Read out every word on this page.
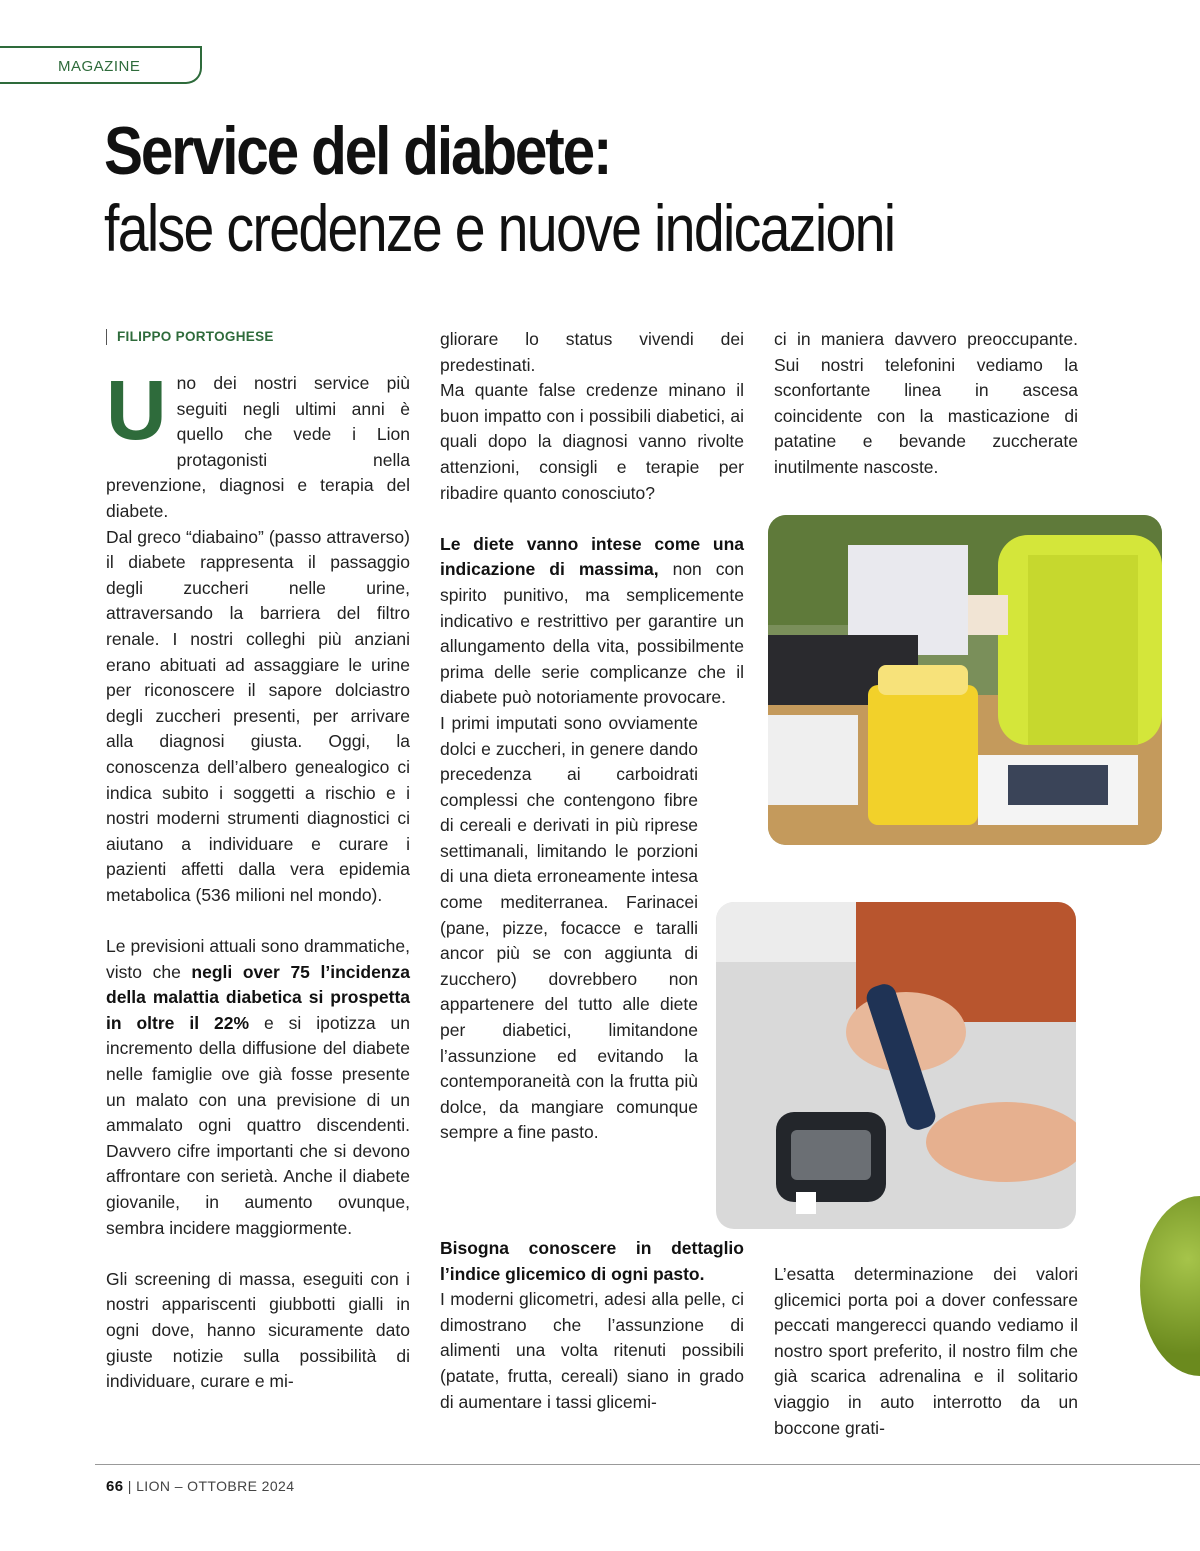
MAGAZINE
Service del diabete:
false credenze e nuove indicazioni

FILIPPO PORTOGHESE

Uno dei nostri service più seguiti negli ultimi anni è quello che vede i Lion protagonisti nella prevenzione, diagnosi e terapia del diabete.

Dal greco “diabaino” (passo attraverso) il diabete rappresenta il passaggio degli zuccheri nelle urine, attraversando la barriera del filtro renale. I nostri colleghi più anziani erano abituati ad assaggiare le urine per riconoscere il sapore dolciastro degli zuccheri presenti, per arrivare alla diagnosi giusta. Oggi, la conoscenza dell’albero genealogico ci indica subito i soggetti a rischio e i nostri moderni strumenti diagnostici ci aiutano a individuare e curare i pazienti affetti dalla vera epidemia metabolica (536 milioni nel mondo).

Le previsioni attuali sono drammatiche, visto che negli over 75 l’incidenza della malattia diabetica si prospetta in oltre il 22% e si ipotizza un incremento della diffusione del diabete nelle famiglie ove già fosse presente un malato con una previsione di un ammalato ogni quattro discendenti. Davvero cifre importanti che si devono affrontare con serietà. Anche il diabete giovanile, in aumento ovunque, sembra incidere maggiormente.

Gli screening di massa, eseguiti con i nostri appariscenti giubbotti gialli in ogni dove, hanno sicuramente dato giuste notizie sulla possibilità di individuare, curare e mi-

gliorare lo status vivendi dei predestinati.

Ma quante false credenze minano il buon impatto con i possibili diabetici, ai quali dopo la diagnosi vanno rivolte attenzioni, consigli e terapie per ribadire quanto conosciuto?

Le diete vanno intese come una indicazione di massima, non con spirito punitivo, ma semplicemente indicativo e restrittivo per garantire un allungamento della vita, possibilmente prima delle serie complicanze che il diabete può notoriamente provocare.

I primi imputati sono ovviamente dolci e zuccheri, in genere dando precedenza ai carboidrati complessi che contengono fibre di cereali e derivati in più riprese settimanali, limitando le porzioni di una dieta erroneamente intesa come mediterranea. Farinacei (pane, pizze, focacce e taralli ancor più se con aggiunta di zucchero) dovrebbero non appartenere del tutto alle diete per diabetici, limitandone l’assunzione ed evitando la contemporaneità con la frutta più dolce, da mangiare comunque sempre a fine pasto.

Bisogna conoscere in dettaglio l’indice glicemico di ogni pasto.

I moderni glicometri, adesi alla pelle, ci dimostrano che l’assunzione di alimenti una volta ritenuti possibili (patate, frutta, cereali) siano in grado di aumentare i tassi glicemi-

ci in maniera davvero preoccupante. Sui nostri telefonini vediamo la sconfortante linea in ascesa coincidente con la masticazione di patatine e bevande zuccherate inutilmente nascoste.

L’esatta determinazione dei valori glicemici porta poi a dover confessare peccati mangerecci quando vediamo il nostro sport preferito, il nostro film che già scarica adrenalina e il solitario viaggio in auto interrotto da un boccone grati-

66 | LION – OTTOBRE 2024
